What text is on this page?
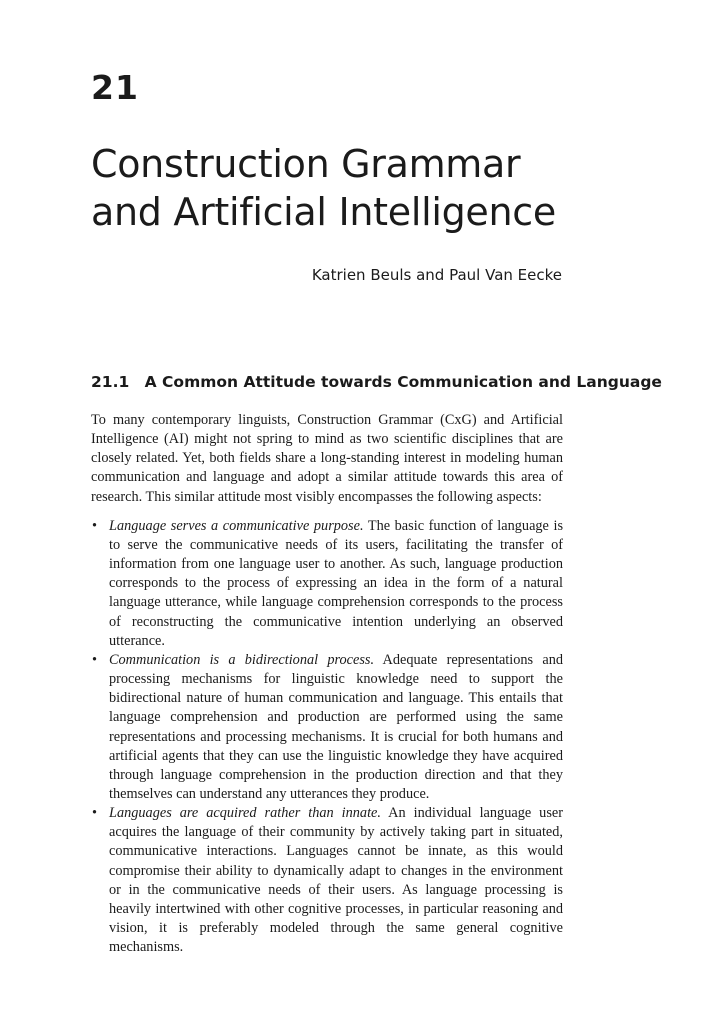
21
Construction Grammar
and Artificial Intelligence

Katrien Beuls and Paul Van Eecke

21.1 A Common Attitude towards Communication and Language

To many contemporary linguists, Construction Grammar (CxG) and Artificial Intelligence (AI) might not spring to mind as two scientific disciplines that are closely related. Yet, both fields share a long-standing interest in modeling human communication and language and adopt a similar attitude towards this area of research. This similar attitude most visibly encompasses the following aspects:

• Language serves a communicative purpose. The basic function of language is to serve the communicative needs of its users, facilitating the transfer of information from one language user to another. As such, language production corresponds to the process of expressing an idea in the form of a natural language utterance, while language comprehension corresponds to the process of reconstructing the communicative intention underlying an observed utterance.
• Communication is a bidirectional process. Adequate representations and processing mechanisms for linguistic knowledge need to support the bidirectional nature of human communication and language. This entails that language comprehension and production are performed using the same representations and processing mechanisms. It is crucial for both humans and artificial agents that they can use the linguistic knowledge they have acquired through language comprehension in the production direction and that they themselves can understand any utterances they produce.
• Languages are acquired rather than innate. An individual language user acquires the language of their community by actively taking part in situated, communicative interactions. Languages cannot be innate, as this would compromise their ability to dynamically adapt to changes in the environment or in the communicative needs of their users. As language processing is heavily intertwined with other cognitive processes, in particular reasoning and vision, it is preferably modeled through the same general cognitive mechanisms.
